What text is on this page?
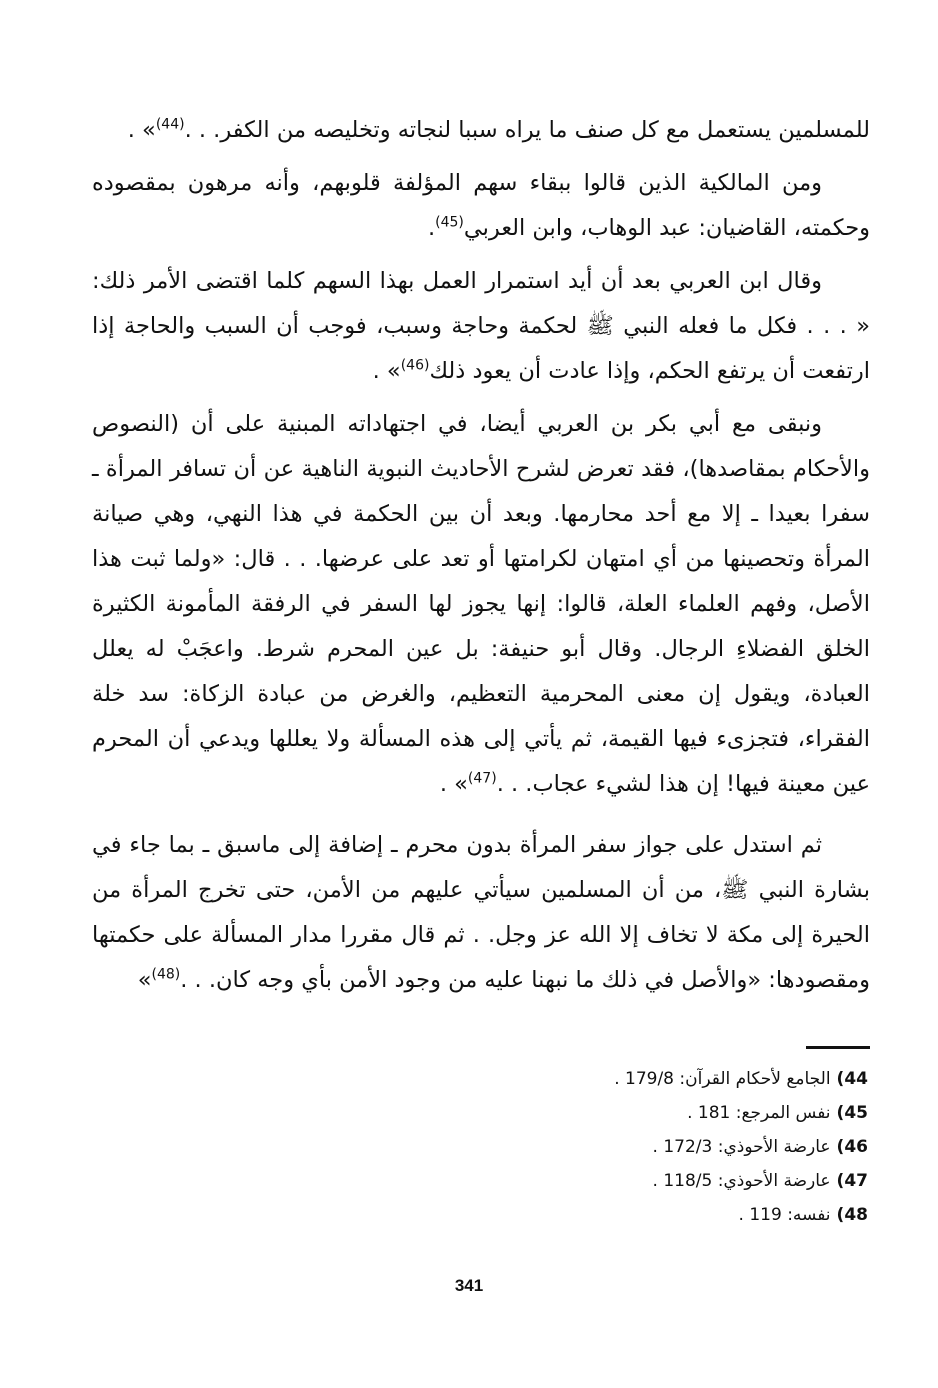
للمسلمين يستعمل مع كل صنف ما يراه سببا لنجاته وتخليصه من الكفر. . .$^{(44)}$» .

ومن المالكية الذين قالوا ببقاء سهم المؤلفة قلوبهم، وأنه مرهون بمقصوده وحكمته، القاضيان: عبد الوهاب، وابن العربي$^{(45)}$.

وقال ابن العربي بعد أن أيد استمرار العمل بهذا السهم كلما اقتضى الأمر ذلك: « . . . فكل ما فعله النبي ﷺ لحكمة وحاجة وسبب، فوجب أن السبب والحاجة إذا ارتفعت أن يرتفع الحكم، وإذا عادت أن يعود ذلك$^{(46)}$» .

ونبقى مع أبي بكر بن العربي أيضا، في اجتهاداته المبنية على أن (النصوص والأحكام بمقاصدها)، فقد تعرض لشرح الأحاديث النبوية الناهية عن أن تسافر المرأة ـ سفرا بعيدا ـ إلا مع أحد محارمها. وبعد أن بين الحكمة في هذا النهي، وهي صيانة المرأة وتحصينها من أي امتهان لكرامتها أو تعد على عرضها. . . قال: «ولما ثبت هذا الأصل، وفهم العلماء العلة، قالوا: إنها يجوز لها السفر في الرفقة المأمونة الكثيرة الخلق الفضلاءِ الرجال. وقال أبو حنيفة: بل عين المحرم شرط. واعجَبْ له يعلل العبادة، ويقول إن معنى المحرمية التعظيم، والغرض من عبادة الزكاة: سد خلة الفقراء، فتجزىء فيها القيمة، ثم يأتي إلى هذه المسألة ولا يعللها ويدعي أن المحرم عين معينة فيها! إن هذا لشيء عجاب. . .$^{(47)}$» .

ثم استدل على جواز سفر المرأة بدون محرم ـ إضافة إلى ماسبق ـ بما جاء في بشارة النبي ﷺ، من أن المسلمين سيأتي عليهم من الأمن، حتى تخرج المرأة من الحيرة إلى مكة لا تخاف إلا الله عز وجل. . ثم قال مقررا مدار المسألة على حكمتها ومقصودها: «والأصل في ذلك ما نبهنا عليه من وجود الأمن بأي وجه كان. . .$^{(48)}$»

44)الجامع لأحكام القرآن: 179/8 .
45)نفس المرجع: 181 .
46)عارضة الأحوذي: 172/3 .
47)عارضة الأحوذي: 118/5 .
48)نفسه: 119 .
341
